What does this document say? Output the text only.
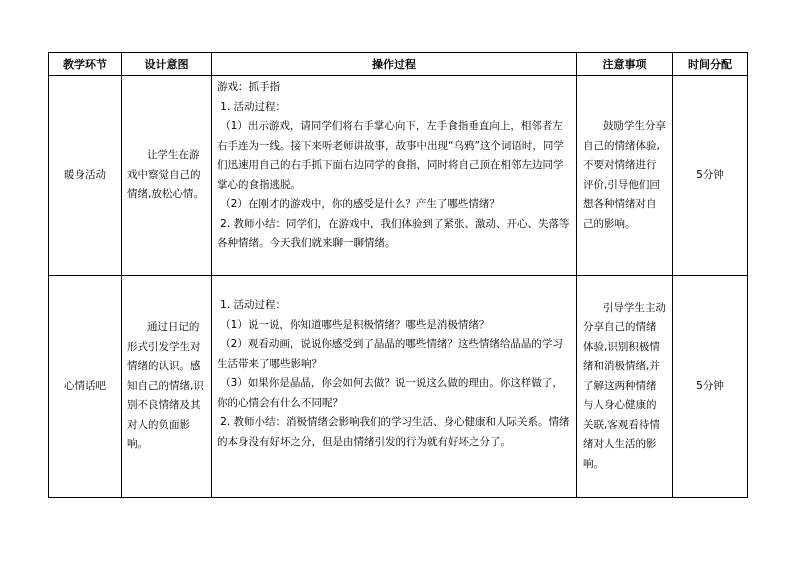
教学环节	设计意图	操作过程	注意事项	时间分配
暖身活动	让学生在游戏中察觉自己的情绪,放松心情。	游戏：抓手指

1. 活动过程：

（1）出示游戏，请同学们将右手掌心向下，左手食指垂直向上，相邻者左右手连为一线。接下来听老师讲故事，故事中出现“乌鸦”这个词语时，同学们迅速用自己的右手抓下面右边同学的食指，同时将自己顶在相邻左边同学掌心的食指逃脱。

（2）在刚才的游戏中，你的感受是什么？产生了哪些情绪？

2. 教师小结：同学们，在游戏中，我们体验到了紧张、激动、开心、失落等各种情绪。今天我们就来聊一聊情绪。	鼓励学生分享自己的情绪体验,不要对情绪进行评价,引导他们回想各种情绪对自己的影响。	5分钟
心情话吧	通过日记的形式引发学生对情绪的认识。感知自己的情绪,识别不良情绪及其对人的负面影响。	1. 活动过程：

（1）说一说，你知道哪些是积极情绪？哪些是消极情绪？

（2）观看动画，说说你感受到了晶晶的哪些情绪？这些情绪给晶晶的学习生活带来了哪些影响？

（3）如果你是晶晶，你会如何去做？说一说这么做的理由。你这样做了，你的心情会有什么不同呢？

2. 教师小结：消极情绪会影响我们的学习生活、身心健康和人际关系。情绪的本身没有好坏之分，但是由情绪引发的行为就有好坏之分了。	引导学生主动分享自己的情绪体验,识别积极情绪和消极情绪,并了解这两种情绪与人身心健康的关联,客观看待情绪对人生活的影响。	5分钟
